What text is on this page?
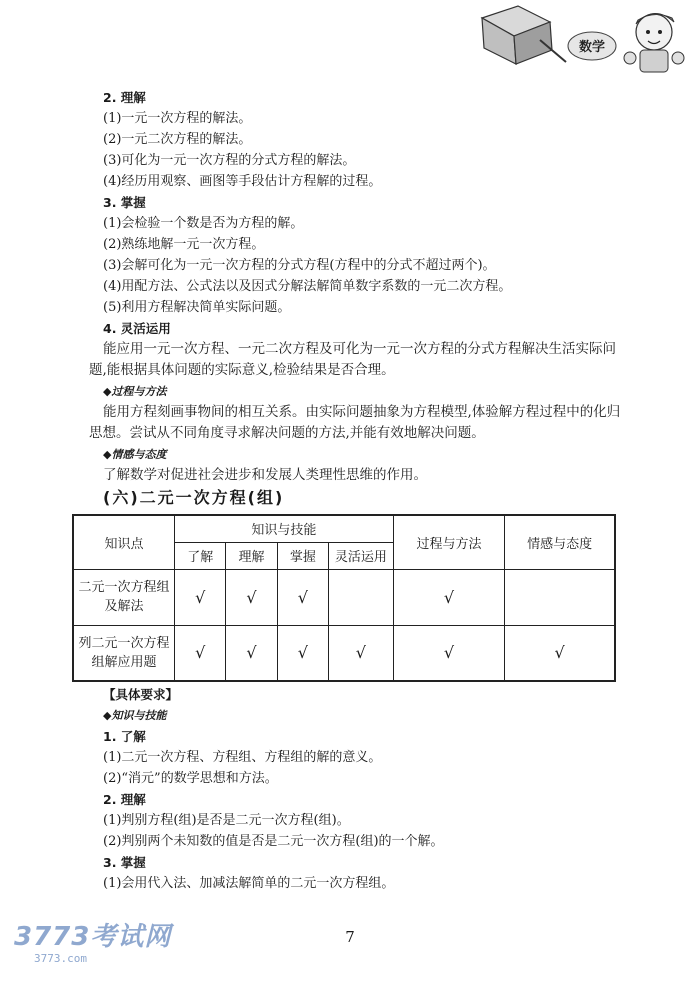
数学
2. 理解
(1)一元一次方程的解法。
(2)一元二次方程的解法。
(3)可化为一元一次方程的分式方程的解法。
(4)经历用观察、画图等手段估计方程解的过程。
3. 掌握
(1)会检验一个数是否为方程的解。
(2)熟练地解一元一次方程。
(3)会解可化为一元一次方程的分式方程(方程中的分式不超过两个)。
(4)用配方法、公式法以及因式分解法解简单数字系数的一元二次方程。
(5)利用方程解决简单实际问题。
4. 灵活运用

能应用一元一次方程、一元二次方程及可化为一元一次方程的分式方程解决生活实际问

题,能根据具体问题的实际意义,检验结果是否合理。

◆过程与方法

能用方程刻画事物间的相互关系。由实际问题抽象为方程模型,体验解方程过程中的化归

思想。尝试从不同角度寻求解决问题的方法,并能有效地解决问题。

◆情感与态度

了解数学对促进社会进步和发展人类理性思维的作用。

(六)二元一次方程(组)
知识点	知识与技能				过程与方法	情感与态度
	了解	理解	掌握	灵活运用		

二元一次方程组
及解法	√	√	√		√	

列二元一次方程
组解应用题	√	√	√	√	√	√
【具体要求】
◆知识与技能
1. 了解
(1)二元一次方程、方程组、方程组的解的意义。
(2)“消元”的数学思想和方法。
2. 理解
(1)判别方程(组)是否是二元一次方程(组)。
(2)判别两个未知数的值是否是二元一次方程(组)的一个解。
3. 掌握
(1)会用代入法、加减法解简单的二元一次方程组。
7
3773考试网
3773.com
